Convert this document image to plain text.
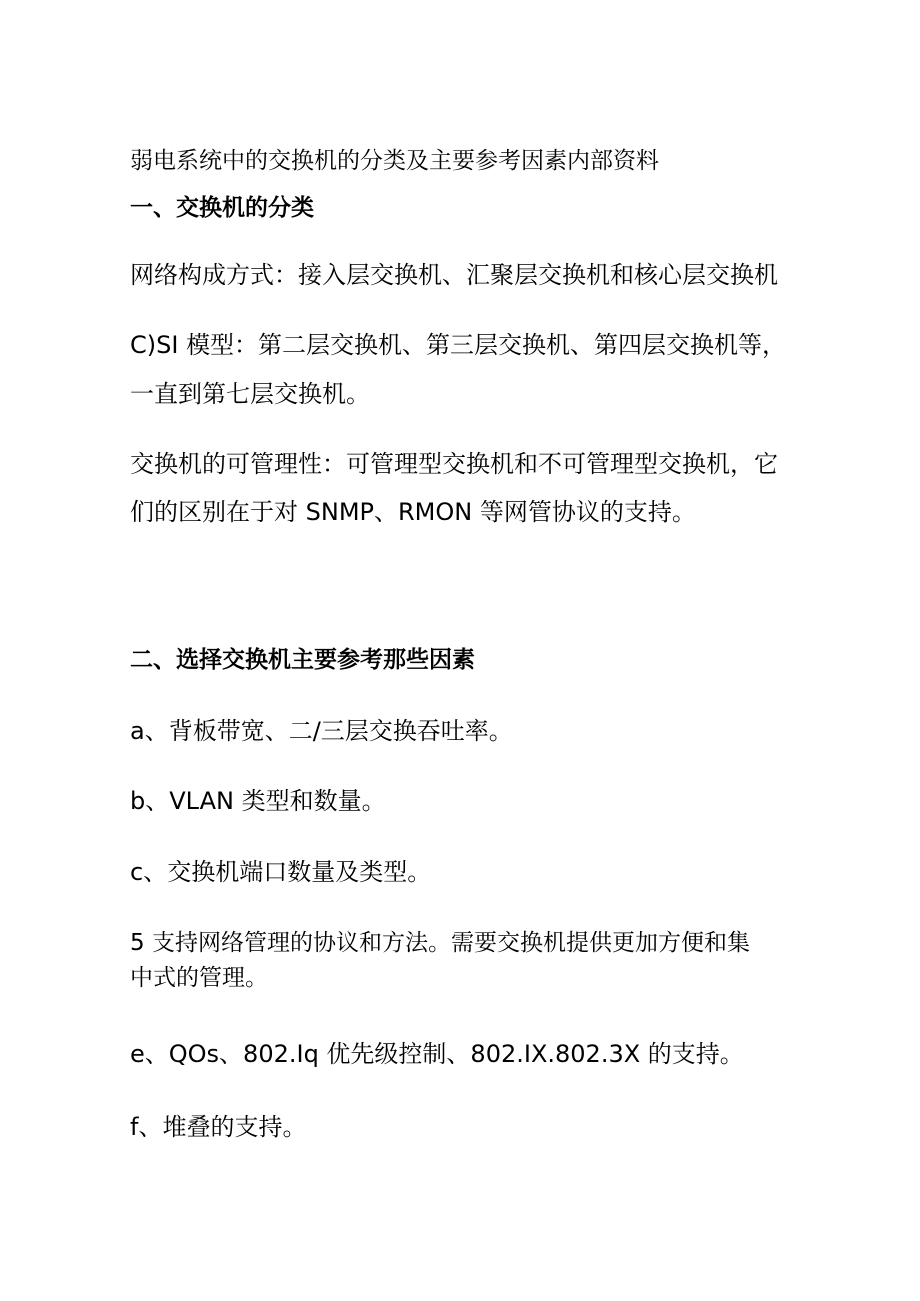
弱电系统中的交换机的分类及主要参考因素内部资料
一、交换机的分类
网络构成方式：接入层交换机、汇聚层交换机和核心层交换机
C)SI 模型：第二层交换机、第三层交换机、第四层交换机等，
一直到第七层交换机。
交换机的可管理性：可管理型交换机和不可管理型交换机，它
们的区别在于对 SNMP、RMON 等网管协议的支持。
二、选择交换机主要参考那些因素
a、背板带宽、二/三层交换吞吐率。
b、VLAN 类型和数量。
c、交换机端口数量及类型。
5 支持网络管理的协议和方法。需要交换机提供更加方便和集
中式的管理。
e、QOs、802.Iq 优先级控制、802.IX.802.3X 的支持。
f、堆叠的支持。
